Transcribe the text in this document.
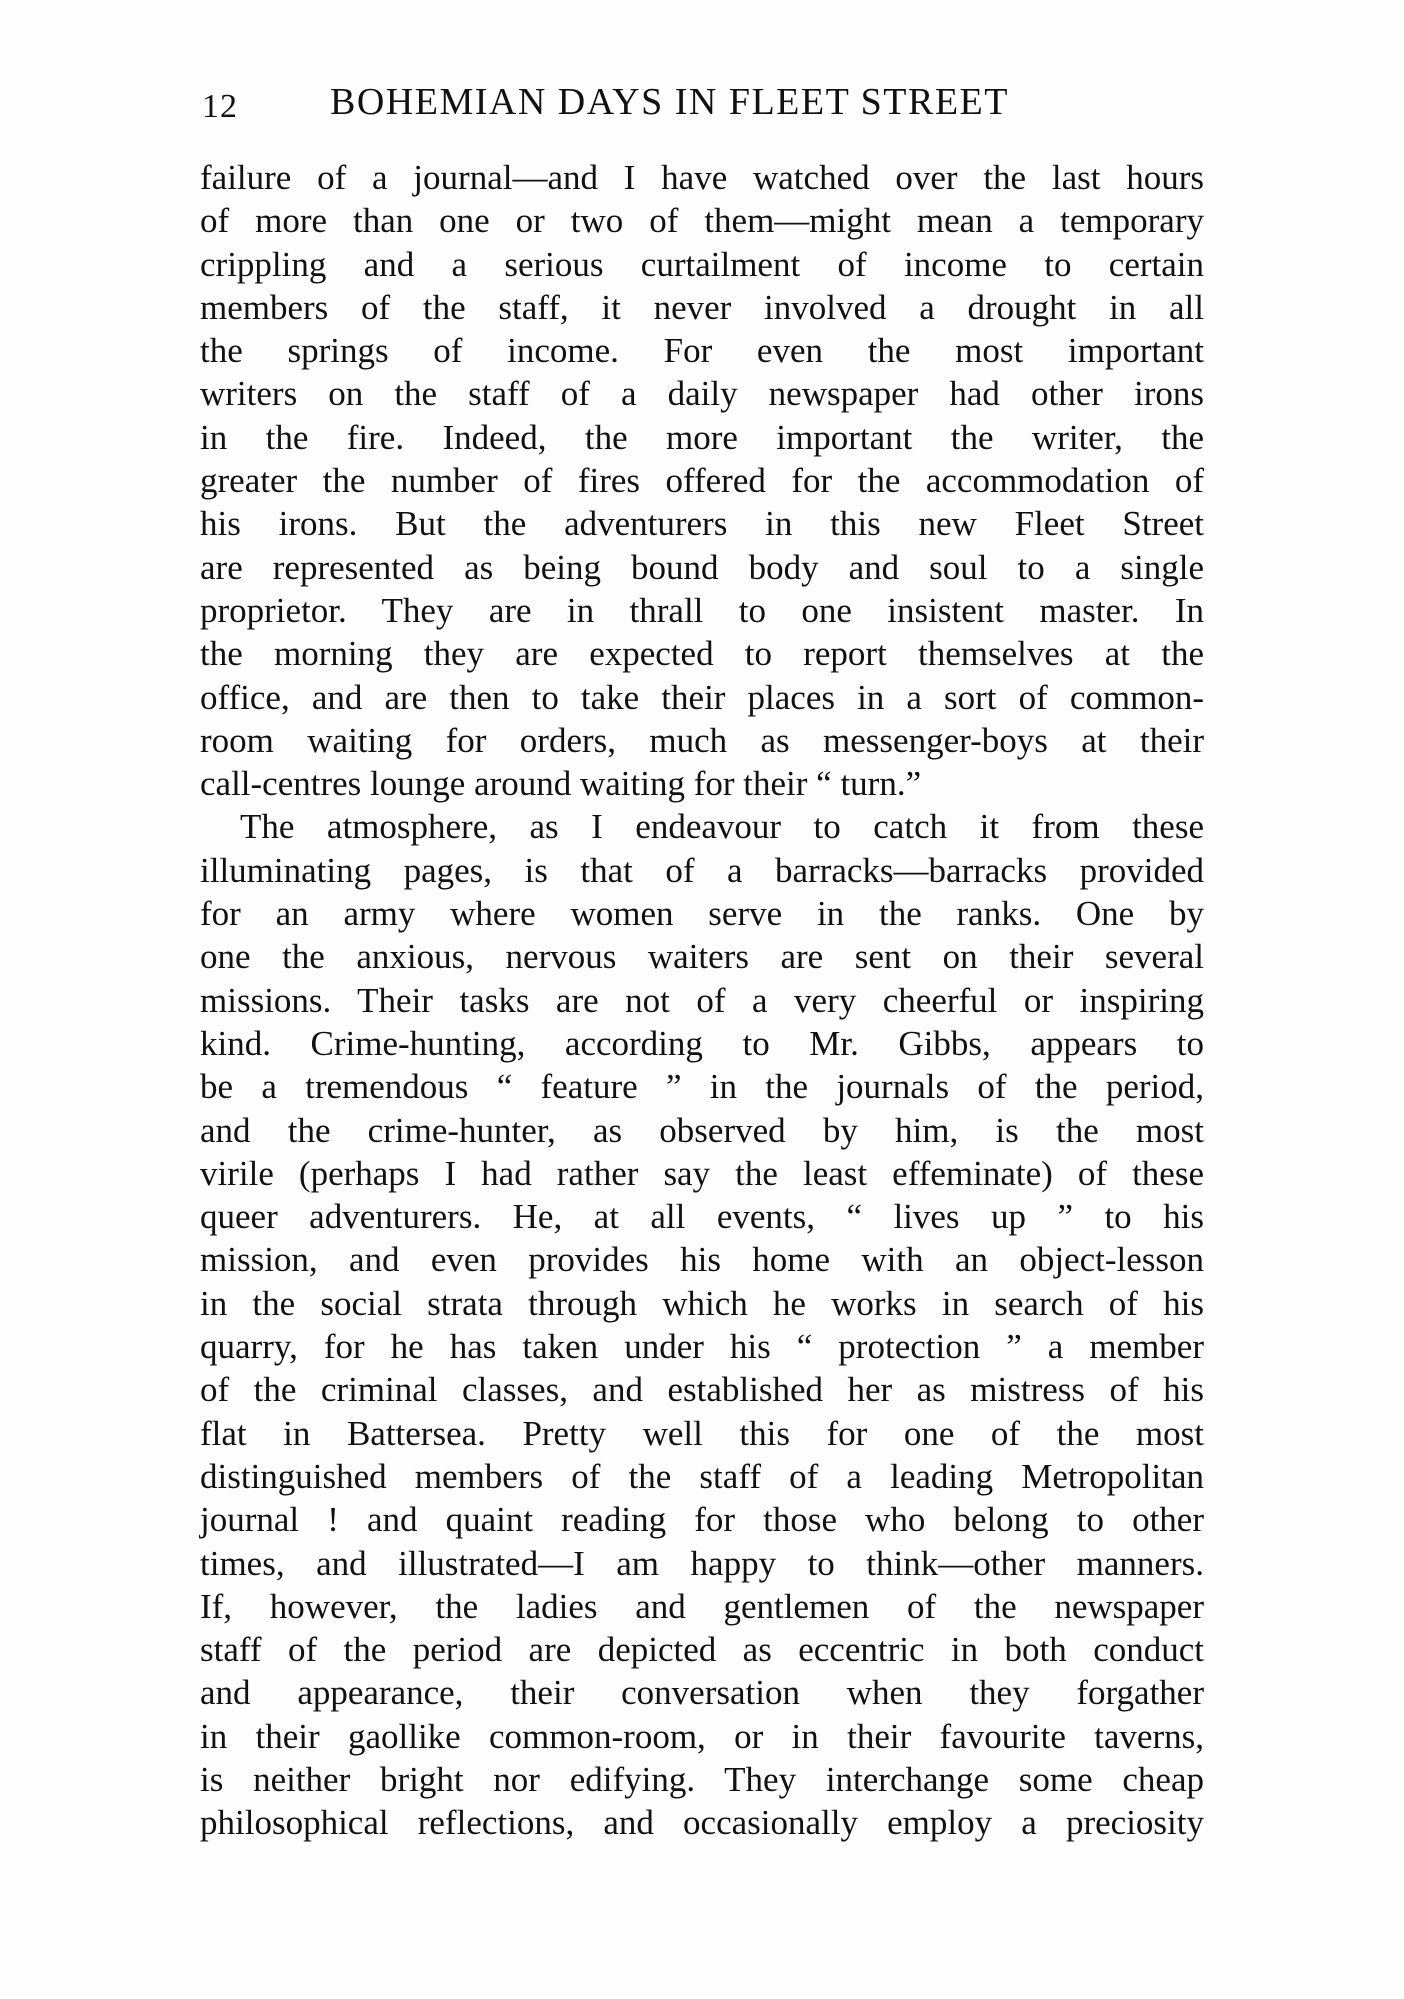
12 BOHEMIAN DAYS IN FLEET STREET
failure of a journal—and I have watched over the last hours
of more than one or two of them—might mean a temporary
crippling and a serious curtailment of income to certain
members of the staff, it never involved a drought in all
the springs of income. For even the most important
writers on the staff of a daily newspaper had other irons
in the fire. Indeed, the more important the writer, the
greater the number of fires offered for the accommodation of
his irons. But the adventurers in this new Fleet Street
are represented as being bound body and soul to a single
proprietor. They are in thrall to one insistent master. In
the morning they are expected to report themselves at the
office, and are then to take their places in a sort of common-
room waiting for orders, much as messenger-boys at their
call-centres lounge around waiting for their “ turn.”
The atmosphere, as I endeavour to catch it from these
illuminating pages, is that of a barracks—barracks provided
for an army where women serve in the ranks. One by
one the anxious, nervous waiters are sent on their several
missions. Their tasks are not of a very cheerful or inspiring
kind. Crime-hunting, according to Mr. Gibbs, appears to
be a tremendous “ feature ” in the journals of the period,
and the crime-hunter, as observed by him, is the most
virile (perhaps I had rather say the least effeminate) of these
queer adventurers. He, at all events, “ lives up ” to his
mission, and even provides his home with an object-lesson
in the social strata through which he works in search of his
quarry, for he has taken under his “ protection ” a member
of the criminal classes, and established her as mistress of his
flat in Battersea. Pretty well this for one of the most
distinguished members of the staff of a leading Metropolitan
journal ! and quaint reading for those who belong to other
times, and illustrated—I am happy to think—other manners.
If, however, the ladies and gentlemen of the newspaper
staff of the period are depicted as eccentric in both conduct
and appearance, their conversation when they forgather
in their gaollike common-room, or in their favourite taverns,
is neither bright nor edifying. They interchange some cheap
philosophical reflections, and occasionally employ a preciosity
